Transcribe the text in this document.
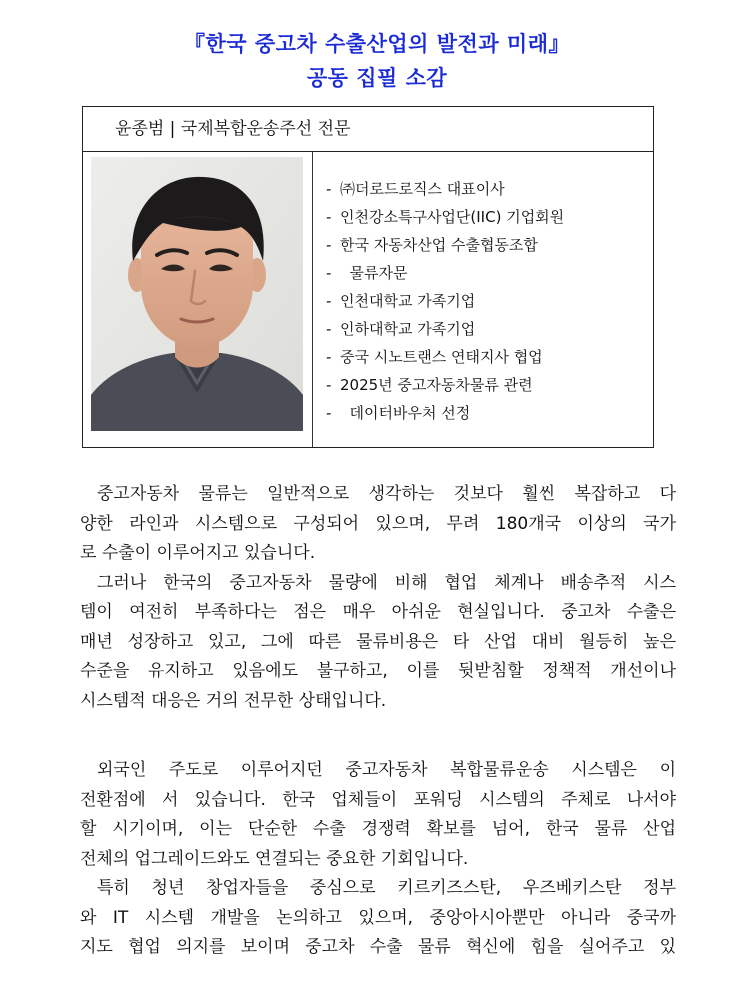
『한국 중고차 수출산업의 발전과 미래』
공동 집필 소감
윤종범 | 국제복합운송주선 전문
- ㈜더로드로직스 대표이사
- 인천강소특구사업단(IIC) 기업회원
- 한국 자동차산업 수출협동조합
-  물류자문
- 인천대학교 가족기업
- 인하대학교 가족기업
- 중국 시노트랜스 연태지사 협업
- 2025년 중고자동차물류 관련
-  데이터바우처 선정

중고자동차 물류는 일반적으로 생각하는 것보다 훨씬 복잡하고 다
양한 라인과 시스템으로 구성되어 있으며, 무려 180개국 이상의 국가
로 수출이 이루어지고 있습니다.

그러나 한국의 중고자동차 물량에 비해 협업 체계나 배송추적 시스
템이 여전히 부족하다는 점은 매우 아쉬운 현실입니다. 중고차 수출은
매년 성장하고 있고, 그에 따른 물류비용은 타 산업 대비 월등히 높은
수준을 유지하고 있음에도 불구하고, 이를 뒷받침할 정책적 개선이나
시스템적 대응은 거의 전무한 상태입니다.

외국인 주도로 이루어지던 중고자동차 복합물류운송 시스템은 이
전환점에 서 있습니다. 한국 업체들이 포워딩 시스템의 주체로 나서야
할 시기이며, 이는 단순한 수출 경쟁력 확보를 넘어, 한국 물류 산업
전체의 업그레이드와도 연결되는 중요한 기회입니다.

특히 청년 창업자들을 중심으로 키르키즈스탄, 우즈베키스탄 정부
와 IT 시스템 개발을 논의하고 있으며, 중앙아시아뿐만 아니라 중국까
지도 협업 의지를 보이며 중고차 수출 물류 혁신에 힘을 실어주고 있
